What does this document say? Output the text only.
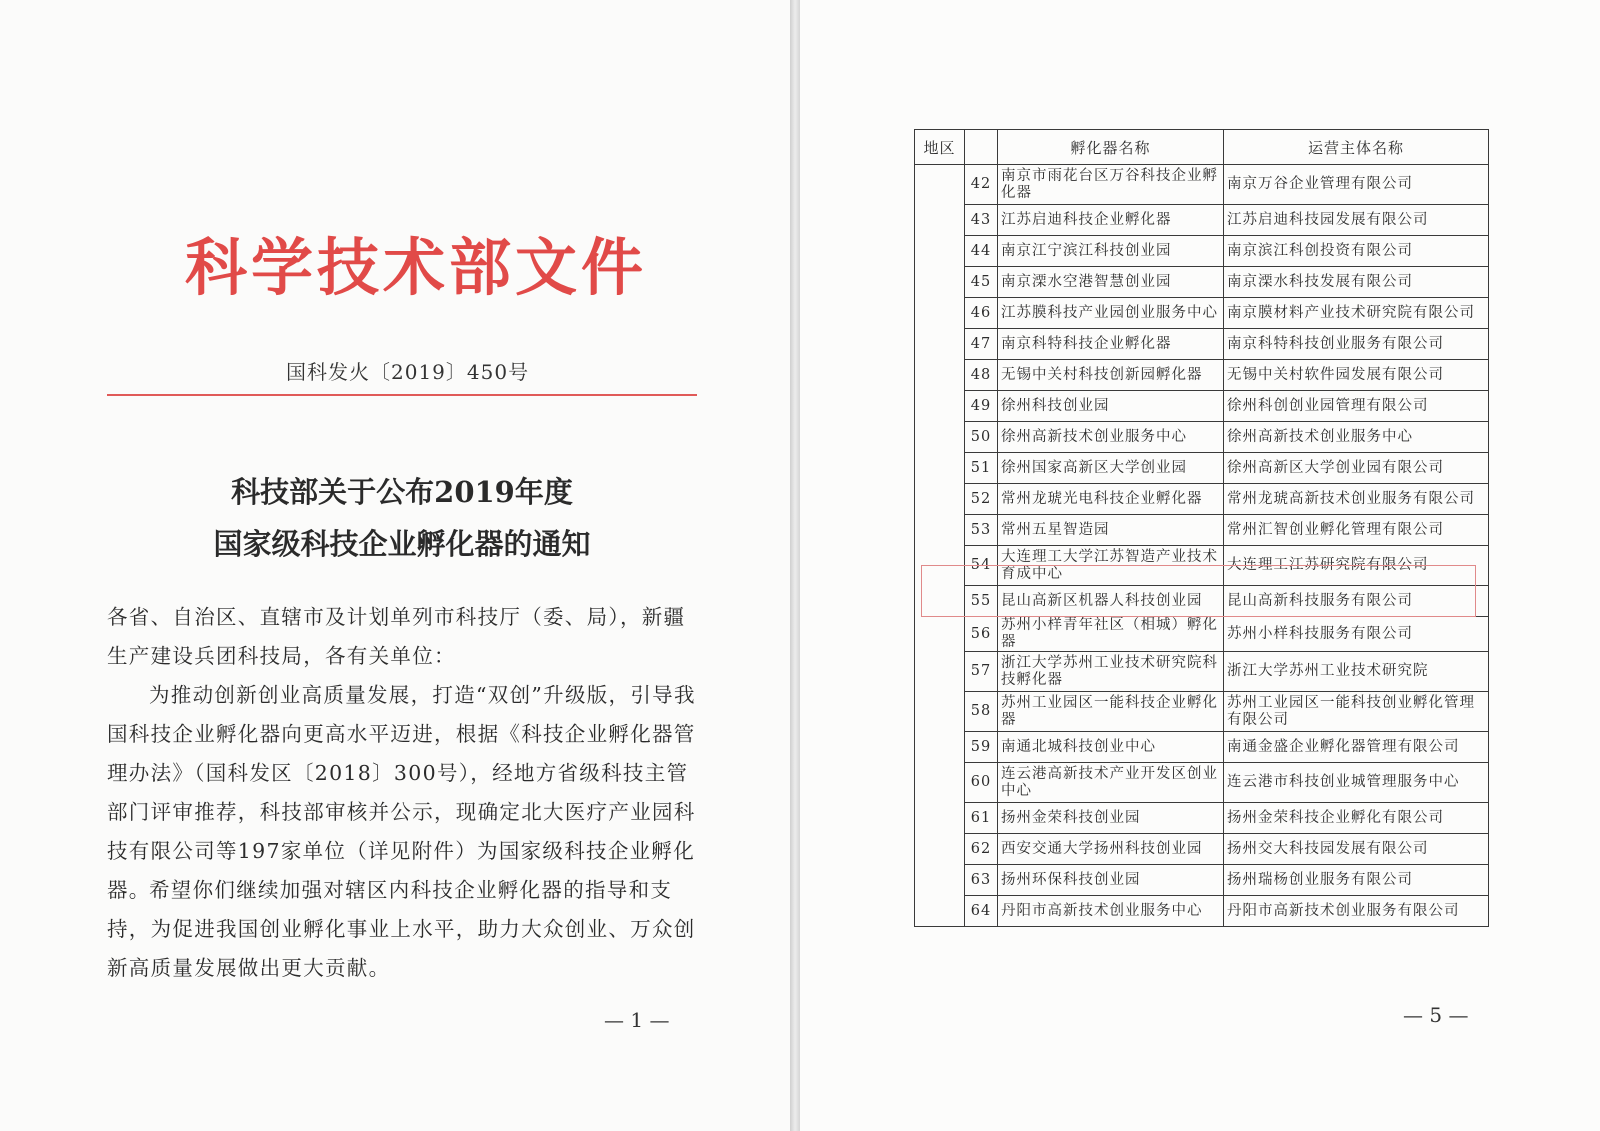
科学技术部文件
国科发火〔2019〕450号
科技部关于公布2019年度
国家级科技企业孵化器的通知
各省、自治区、直辖市及计划单列市科技厅（委、局），新疆生产建设兵团科技局，各有关单位：
为推动创新创业高质量发展，打造“双创”升级版，引导我国科技企业孵化器向更高水平迈进，根据《科技企业孵化器管理办法》（国科发区〔2018〕300号），经地方省级科技主管部门评审推荐，科技部审核并公示，现确定北大医疗产业园科技有限公司等197家单位（详见附件）为国家级科技企业孵化器。
希望你们继续加强对辖区内科技企业孵化器的指导和支持，为促进我国创业孵化事业上水平，助力大众创业、万众创新高质量发展做出更大贡献。
— 1 —
地区		孵化器名称	运营主体名称
	42	南京市雨花台区万谷科技企业孵化器	南京万谷企业管理有限公司
	43	江苏启迪科技企业孵化器	江苏启迪科技园发展有限公司
	44	南京江宁滨江科技创业园	南京滨江科创投资有限公司
	45	南京溧水空港智慧创业园	南京溧水科技发展有限公司
	46	江苏膜科技产业园创业服务中心	南京膜材料产业技术研究院有限公司
	47	南京科特科技企业孵化器	南京科特科技创业服务有限公司
	48	无锡中关村科技创新园孵化器	无锡中关村软件园发展有限公司
	49	徐州科技创业园	徐州科创创业园管理有限公司
	50	徐州高新技术创业服务中心	徐州高新技术创业服务中心
	51	徐州国家高新区大学创业园	徐州高新区大学创业园有限公司
	52	常州龙琥光电科技企业孵化器	常州龙琥高新技术创业服务有限公司
	53	常州五星智造园	常州汇智创业孵化管理有限公司
	54	大连理工大学江苏智造产业技术育成中心	大连理工江苏研究院有限公司
	55	昆山高新区机器人科技创业园	昆山高新科技服务有限公司
	56	苏州小样青年社区（相城）孵化器	苏州小样科技服务有限公司
	57	浙江大学苏州工业技术研究院科技孵化器	浙江大学苏州工业技术研究院
	58	苏州工业园区一能科技企业孵化器	苏州工业园区一能科技创业孵化管理有限公司
	59	南通北城科技创业中心	南通金盛企业孵化器管理有限公司
	60	连云港高新技术产业开发区创业中心	连云港市科技创业城管理服务中心
	61	扬州金荣科技创业园	扬州金荣科技企业孵化有限公司
	62	西安交通大学扬州科技创业园	扬州交大科技园发展有限公司
	63	扬州环保科技创业园	扬州瑞杨创业服务有限公司
	64	丹阳市高新技术创业服务中心	丹阳市高新技术创业服务有限公司
— 5 —
